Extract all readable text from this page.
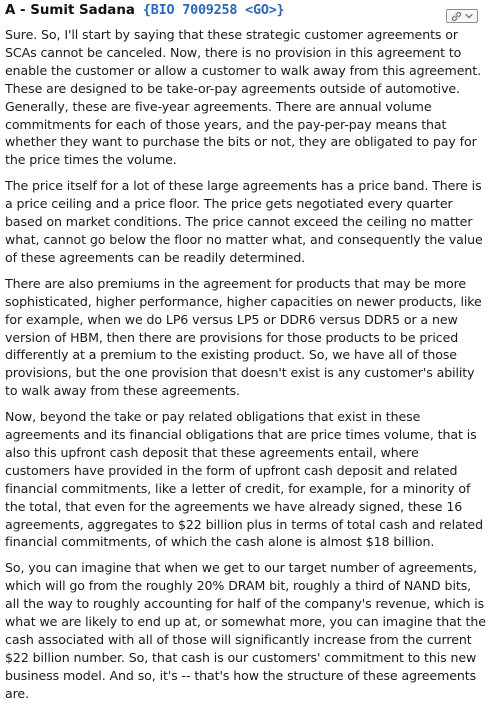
A - Sumit Sadana {BIO 7009258 <GO>}

Sure. So, I'll start by saying that these strategic customer agreements or SCAs cannot be canceled. Now, there is no provision in this agreement to enable the customer or allow a customer to walk away from this agreement. These are designed to be take-or-pay agreements outside of automotive. Generally, these are five-year agreements. There are annual volume commitments for each of those years, and the pay-per-pay means that whether they want to purchase the bits or not, they are obligated to pay for the price times the volume.

The price itself for a lot of these large agreements has a price band. There is a price ceiling and a price floor. The price gets negotiated every quarter based on market conditions. The price cannot exceed the ceiling no matter what, cannot go below the floor no matter what, and consequently the value of these agreements can be readily determined.

There are also premiums in the agreement for products that may be more sophisticated, higher performance, higher capacities on newer products, like for example, when we do LP6 versus LP5 or DDR6 versus DDR5 or a new version of HBM, then there are provisions for those products to be priced differently at a premium to the existing product. So, we have all of those provisions, but the one provision that doesn't exist is any customer's ability to walk away from these agreements.

Now, beyond the take or pay related obligations that exist in these agreements and its financial obligations that are price times volume, that is also this upfront cash deposit that these agreements entail, where customers have provided in the form of upfront cash deposit and related financial commitments, like a letter of credit, for example, for a minority of the total, that even for the agreements we have already signed, these 16 agreements, aggregates to $22 billion plus in terms of total cash and related financial commitments, of which the cash alone is almost $18 billion.

So, you can imagine that when we get to our target number of agreements, which will go from the roughly 20% DRAM bit, roughly a third of NAND bits, all the way to roughly accounting for half of the company's revenue, which is what we are likely to end up at, or somewhat more, you can imagine that the cash associated with all of those will significantly increase from the current $22 billion number. So, that cash is our customers' commitment to this new business model. And so, it's -- that's how the structure of these agreements are.
